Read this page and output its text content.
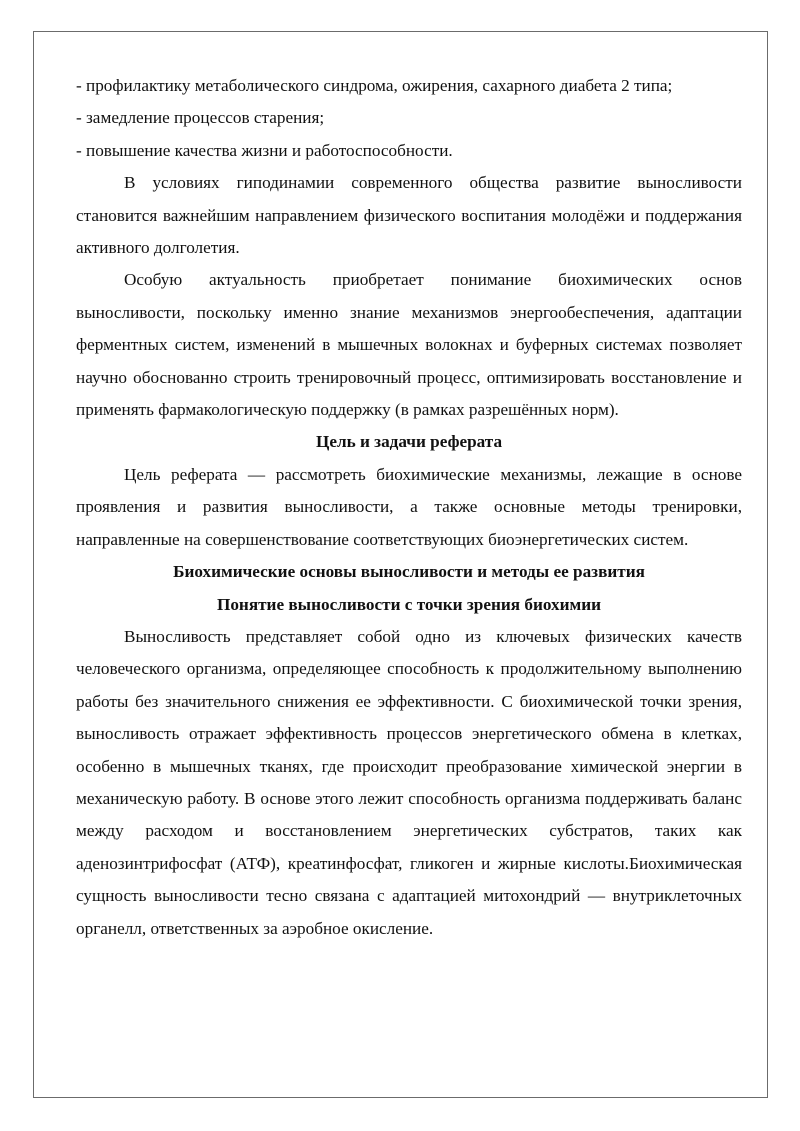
- профилактику метаболического синдрома, ожирения, сахарного диабета 2 типа;

- замедление процессов старения;

- повышение качества жизни и работоспособности.

В условиях гиподинамии современного общества развитие выносливости становится важнейшим направлением физического воспитания молодёжи и поддержания активного долголетия.

Особую актуальность приобретает понимание биохимических основ выносливости, поскольку именно знание механизмов энергообеспечения, адаптации ферментных систем, изменений в мышечных волокнах и буферных системах позволяет научно обоснованно строить тренировочный процесс, оптимизировать восстановление и применять фармакологическую поддержку (в рамках разрешённых норм).

Цель и задачи реферата

Цель реферата — рассмотреть биохимические механизмы, лежащие в основе проявления и развития выносливости, а также основные методы тренировки, направленные на совершенствование соответствующих биоэнергетических систем.

Биохимические основы выносливости и методы ее развития

Понятие выносливости с точки зрения биохимии

Выносливость представляет собой одно из ключевых физических качеств человеческого организма, определяющее способность к продолжительному выполнению работы без значительного снижения ее эффективности. С биохимической точки зрения, выносливость отражает эффективность процессов энергетического обмена в клетках, особенно в мышечных тканях, где происходит преобразование химической энергии в механическую работу. В основе этого лежит способность организма поддерживать баланс между расходом и восстановлением энергетических субстратов, таких как аденозинтрифосфат (АТФ), креатинфосфат, гликоген и жирные кислоты.Биохимическая сущность выносливости тесно связана с адаптацией митохондрий — внутриклеточных органелл, ответственных за аэробное окисление.
